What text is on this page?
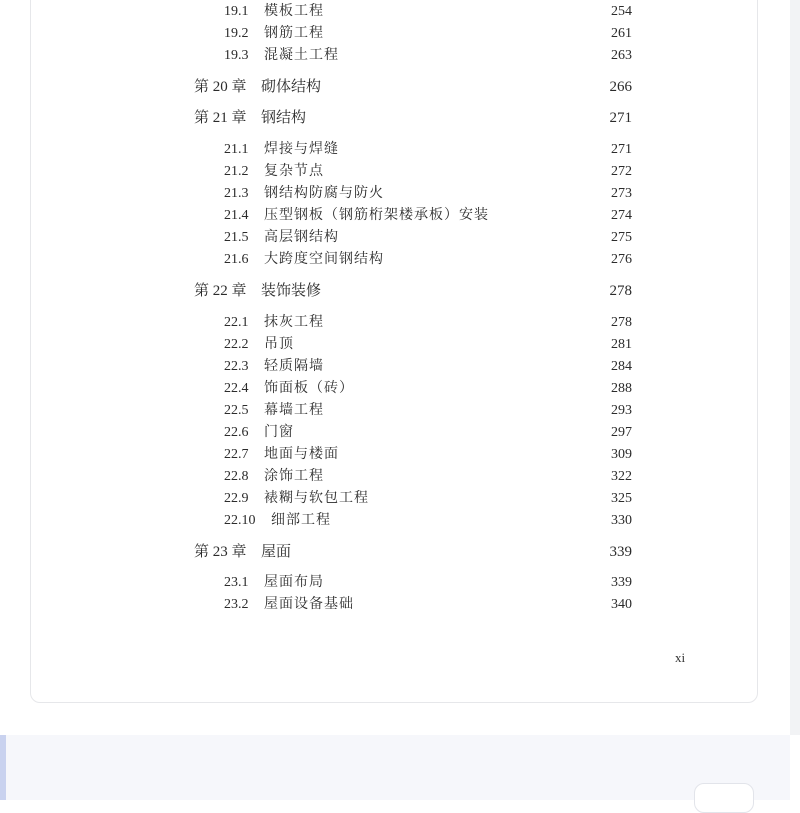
19.1 模板工程	254
19.2 钢筋工程	261
19.3 混凝土工程	263
第 20 章 砌体结构	266
第 21 章 钢结构	271
21.1 焊接与焊缝	271
21.2 复杂节点	272
21.3 钢结构防腐与防火	273
21.4 压型钢板（钢筋桁架楼承板）安装	274
21.5 高层钢结构	275
21.6 大跨度空间钢结构	276
第 22 章 装饰装修	278
22.1 抹灰工程	278
22.2 吊顶	281
22.3 轻质隔墙	284
22.4 饰面板（砖）	288
22.5 幕墙工程	293
22.6 门窗	297
22.7 地面与楼面	309
22.8 涂饰工程	322
22.9 裱糊与软包工程	325
22.10 细部工程	330
第 23 章 屋面	339
23.1 屋面布局	339
23.2 屋面设备基础	340
xi
